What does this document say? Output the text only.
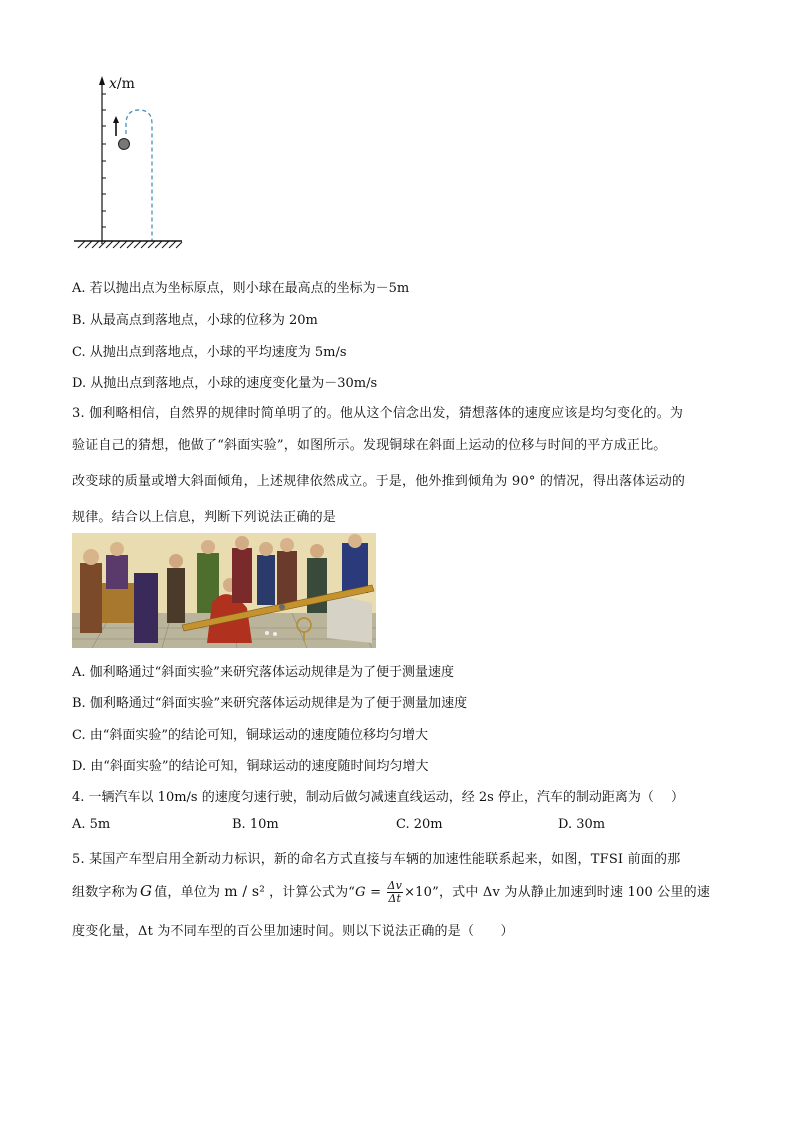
x/m
A. 若以抛出点为坐标原点，则小球在最高点的坐标为－5m
B. 从最高点到落地点，小球的位移为 20m
C. 从抛出点到落地点，小球的平均速度为 5m/s
D. 从抛出点到落地点，小球的速度变化量为－30m/s
3. 伽利略相信，自然界的规律时简单明了的。他从这个信念出发，猜想落体的速度应该是均匀变化的。为
验证自己的猜想，他做了“斜面实验”，如图所示。发现铜球在斜面上运动的位移与时间的平方成正比。
改变球的质量或增大斜面倾角，上述规律依然成立。于是，他外推到倾角为 90° 的情况，得出落体运动的
规律。结合以上信息，判断下列说法正确的是
A. 伽利略通过“斜面实验”来研究落体运动规律是为了便于测量速度
B. 伽利略通过“斜面实验”来研究落体运动规律是为了便于测量加速度
C. 由“斜面实验”的结论可知，铜球运动的速度随位移均匀增大
D. 由“斜面实验”的结论可知，铜球运动的速度随时间均匀增大
4. 一辆汽车以 10m/s 的速度匀速行驶，制动后做匀减速直线运动，经 2s 停止，汽车的制动距离为（　 ）
A. 5m	B. 10m	C. 20m	D. 30m
5. 某国产车型启用全新动力标识，新的命名方式直接与车辆的加速性能联系起来，如图，TFSI 前面的那
组数字称为 G 值，单位为 m / s² ，计算公式为“$G = \frac{\Delta v}{\Delta t} \times 10$”，式中 Δv 为从静止加速到时速 100 公里的速
度变化量，Δt 为不同车型的百公里加速时间。则以下说法正确的是（　　）
